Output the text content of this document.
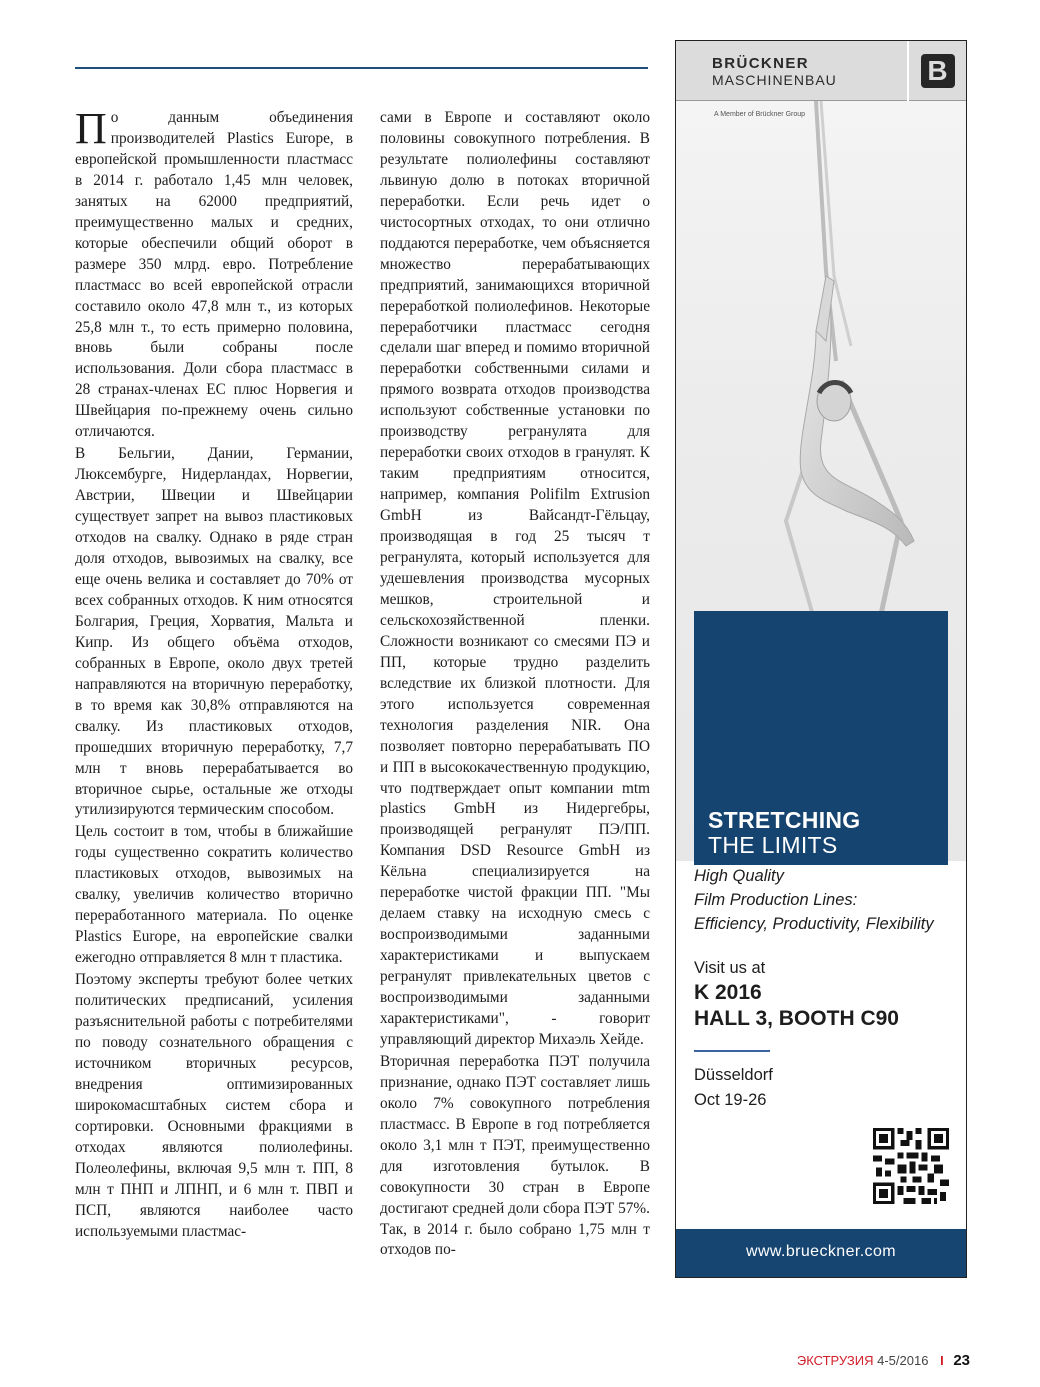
По данным объединения производителей Plastics Europe, в европейской промышленности пластмасс в 2014 г. работало 1,45 млн человек, занятых на 62000 предприятий, преимущественно малых и средних, которые обеспечили общий оборот в размере 350 млрд. евро. Потребление пластмасс во всей европейской отрасли составило около 47,8 млн т., из которых 25,8 млн т., то есть примерно половина, вновь были собраны после использования. Доли сбора пластмасс в 28 странах-членах ЕС плюс Норвегия и Швейцария по-прежнему очень сильно отличаются.

В Бельгии, Дании, Германии, Люксембурге, Нидерландах, Норвегии, Австрии, Швеции и Швейцарии существует запрет на вывоз пластиковых отходов на свалку. Однако в ряде стран доля отходов, вывозимых на свалку, все еще очень велика и составляет до 70% от всех собранных отходов. К ним относятся Болгария, Греция, Хорватия, Мальта и Кипр. Из общего объёма отходов, собранных в Европе, около двух третей направляются на вторичную переработку, в то время как 30,8% отправляются на свалку. Из пластиковых отходов, прошедших вторичную переработку, 7,7 млн т вновь перерабатывается во вторичное сырье, остальные же отходы утилизируются термическим способом.

Цель состоит в том, чтобы в ближайшие годы существенно сократить количество пластиковых отходов, вывозимых на свалку, увеличив количество вторично переработанного материала. По оценке Plastics Europe, на европейские свалки ежегодно отправляется 8 млн т пластика.

Поэтому эксперты требуют более четких политических предписаний, усиления разъяснительной работы с потребителями по поводу сознательного обращения с источником вторичных ресурсов, внедрения оптимизированных широкомасштабных систем сбора и сортировки. Основными фракциями в отходах являются полиолефины. Полеолефины, включая 9,5 млн т. ПП, 8 млн т ПНП и ЛПНП, и 6 млн т. ПВП и ПСП, являются наиболее часто используемыми пластмас-

сами в Европе и составляют около половины совокупного потребления. В результате полиолефины составляют львиную долю в потоках вторичной переработки. Если речь идет о чистосортных отходах, то они отлично поддаются переработке, чем объясняется множество перерабатывающих предприятий, занимающихся вторичной переработкой полиолефинов. Некоторые переработчики пластмасс сегодня сделали шаг вперед и помимо вторичной переработки собственными силами и прямого возврата отходов производства используют собственные установки по производству регранулята для переработки своих отходов в гранулят. К таким предприятиям относится, например, компания Polifilm Extrusion GmbH из Вайсандт-Гёльцау, производящая в год 25 тысяч т регранулята, который используется для удешевления производства мусорных мешков, строительной и сельскохозяйственной пленки. Сложности возникают со смесями ПЭ и ПП, которые трудно разделить вследствие их близкой плотности. Для этого используется современная технология разделения NIR. Она позволяет повторно перерабатывать ПО и ПП в высококачественную продукцию, что подтверждает опыт компании mtm plastics GmbH из Нидергебры, производящей регранулят ПЭ/ПП. Компания DSD Resource GmbH из Кёльна специализируется на переработке чистой фракции ПП. "Мы делаем ставку на исходную смесь с воспроизводимыми заданными характеристиками и выпускаем регранулят привлекательных цветов с воспроизводимыми заданными характеристиками", - говорит управляющий директор Михаэль Хейде.

Вторичная переработка ПЭТ получила признание, однако ПЭТ составляет лишь около 7% совокупного потребления пластмасс. В Европе в год потребляется около 3,1 млн т ПЭТ, преимущественно для изготовления бутылок. В совокупности 30 стран в Европе достигают средней доли сбора ПЭТ 57%. Так, в 2014 г. было собрано 1,75 млн т отходов по-

STRETCHING
THE LIMITS
BRÜCKNER
MASCHINENBAU	B
A Member of Brückner Group
High Quality
Film Production Lines:
Efficiency, Productivity, Flexibility
Visit us at
K 2016
HALL 3, BOOTH C90
Düsseldorf
Oct 19-26
www.brueckner.com
ЭКСТРУЗИЯ 4-5/2016 I 23
